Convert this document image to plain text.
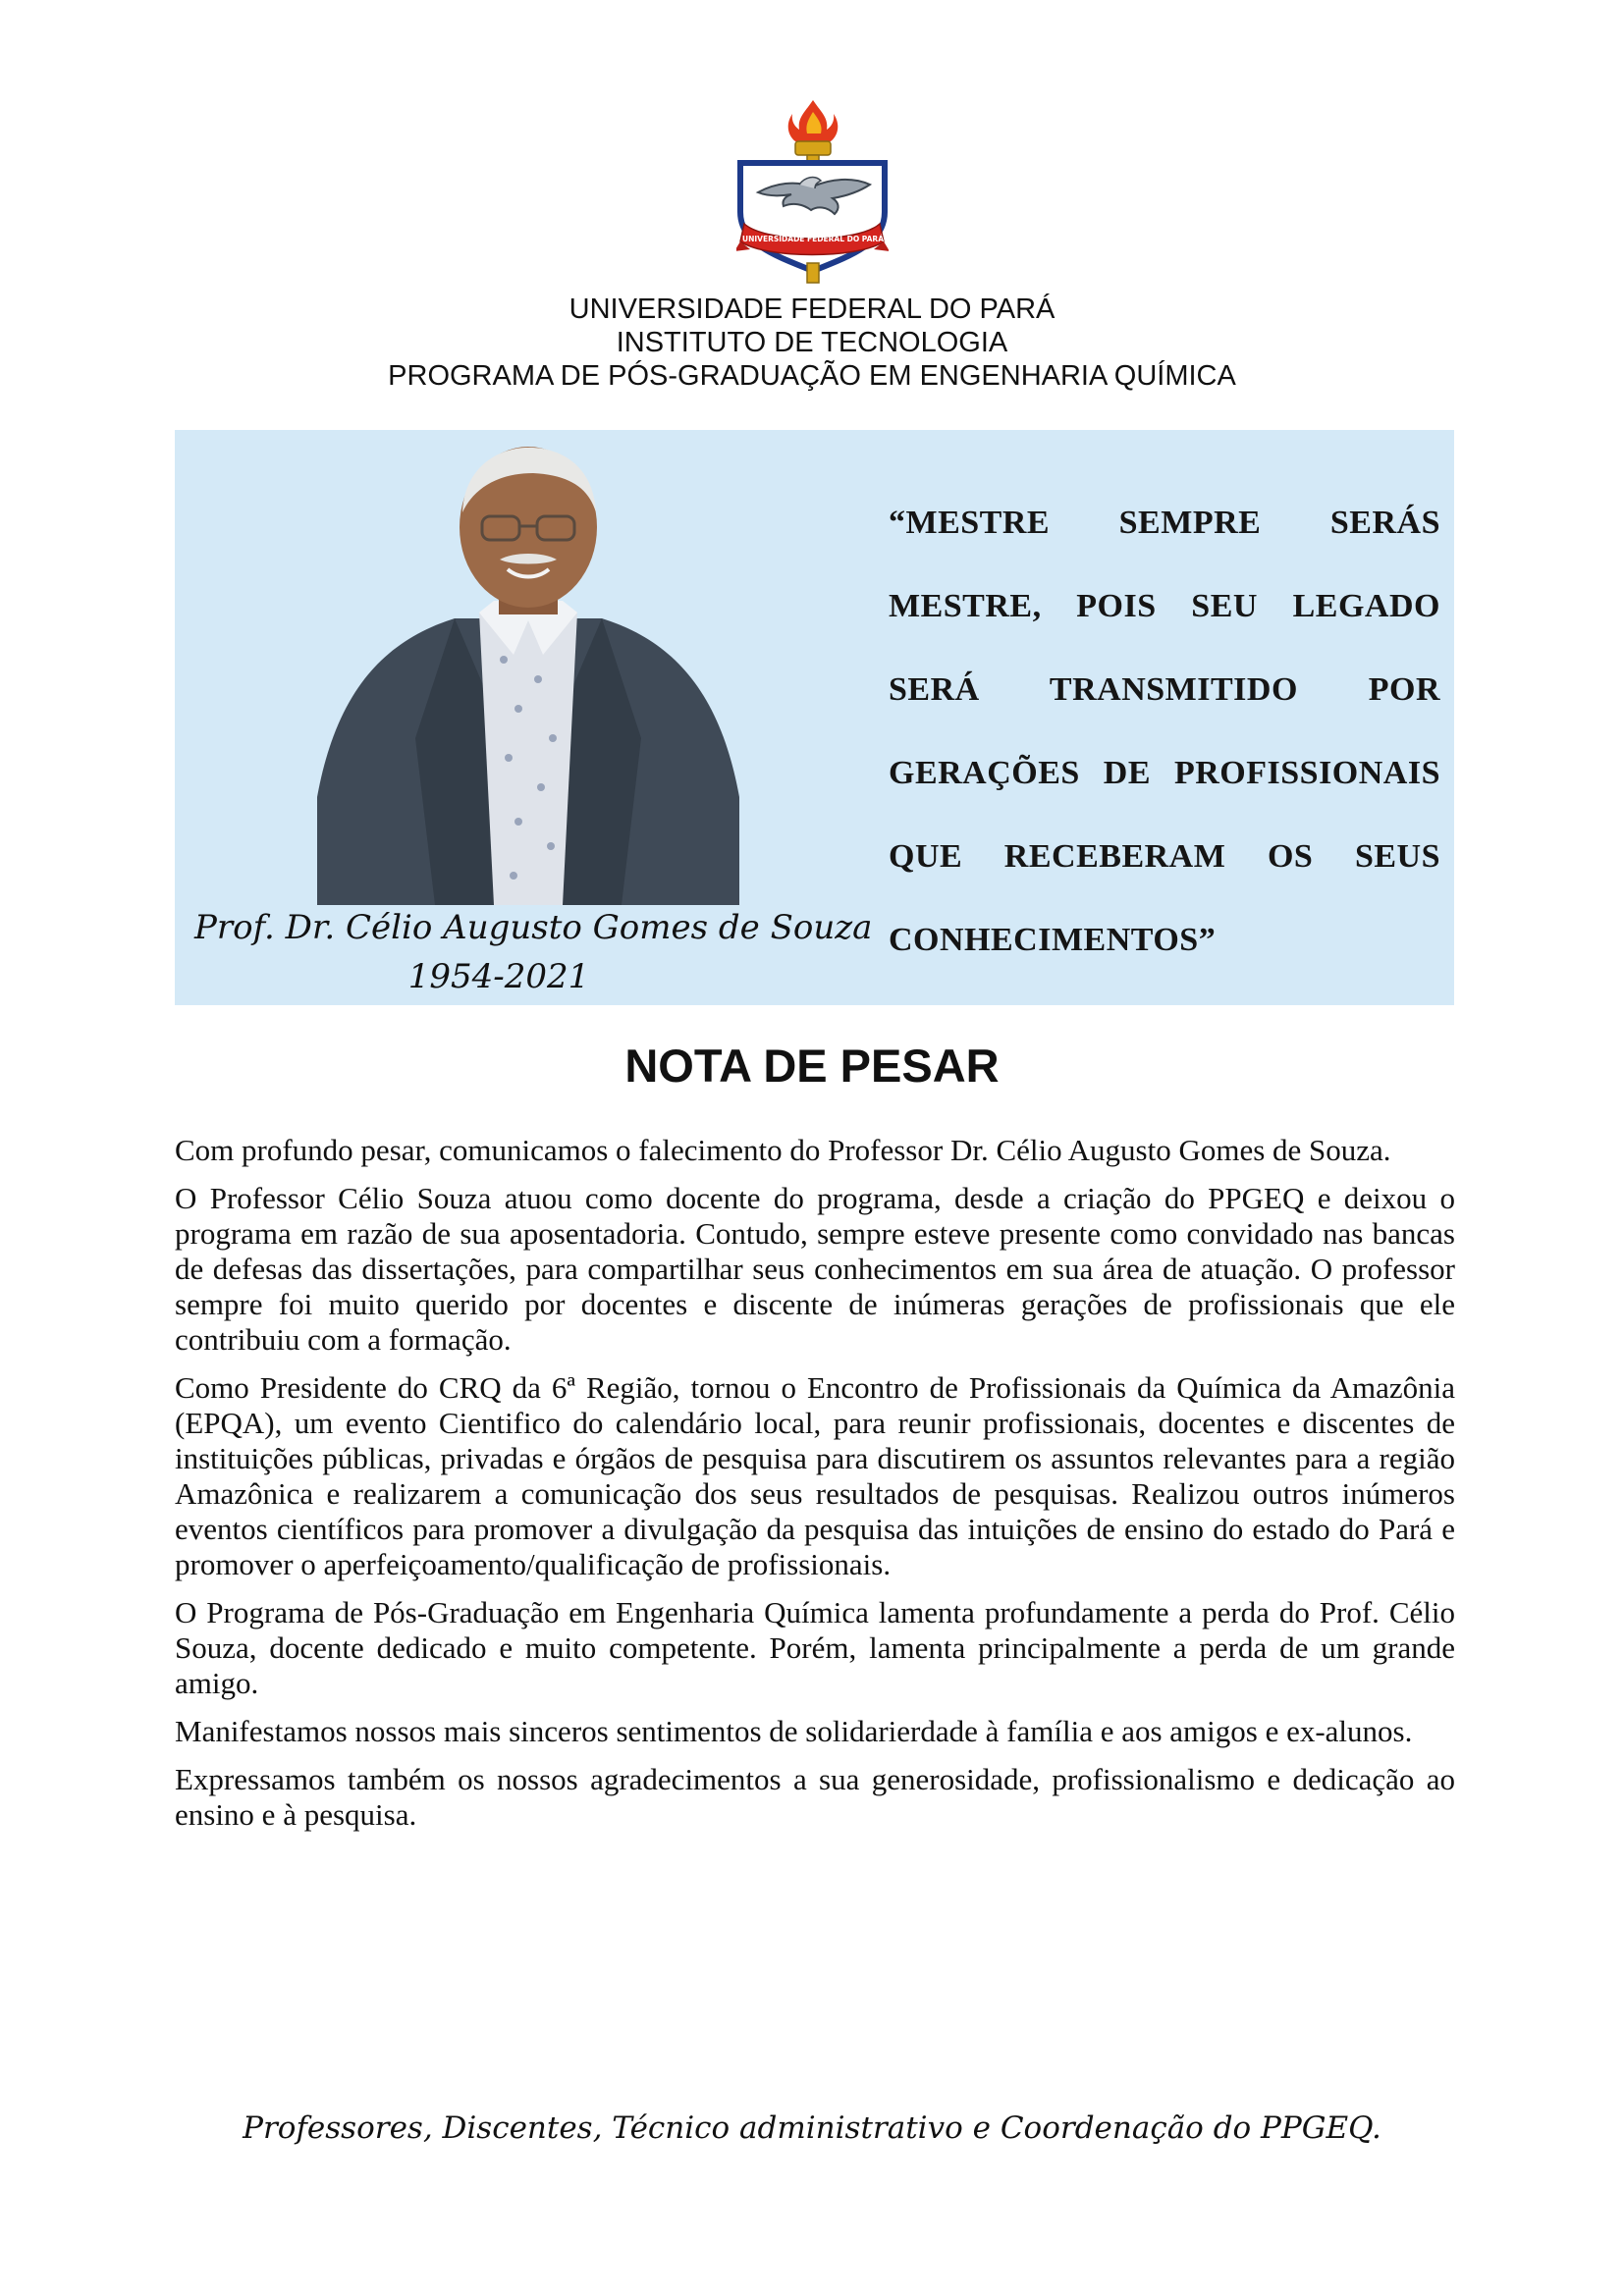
UNIVERSIDADE FEDERAL DO PARÁ
UNIVERSIDADE FEDERAL DO PARÁ
INSTITUTO DE TECNOLOGIA
PROGRAMA DE PÓS-GRADUAÇÃO EM ENGENHARIA QUÍMICA
Prof. Dr. Célio Augusto Gomes de Souza
1954-2021
“MESTRE SEMPRE SERÁS MESTRE, POIS SEU LEGADO SERÁ TRANSMITIDO POR GERAÇÕES DE PROFISSIONAIS QUE RECEBERAM OS SEUS CONHECIMENTOS”
NOTA DE PESAR

Com profundo pesar, comunicamos o falecimento do Professor Dr. Célio Augusto Gomes de Souza.

O Professor Célio Souza atuou como docente do programa, desde a criação do PPGEQ e deixou o programa em razão de sua aposentadoria. Contudo, sempre esteve presente como convidado nas bancas de defesas das dissertações, para compartilhar seus conhecimentos em sua área de atuação. O professor sempre foi muito querido por docentes e discente de inúmeras gerações de profissionais que ele contribuiu com a formação.

Como Presidente do CRQ da 6ª Região, tornou o Encontro de Profissionais da Química da Amazônia (EPQA), um evento Cientifico do calendário local, para reunir profissionais, docentes e discentes de instituições públicas, privadas e órgãos de pesquisa para discutirem os assuntos relevantes para a região Amazônica e realizarem a comunicação dos seus resultados de pesquisas. Realizou outros inúmeros eventos científicos para promover a divulgação da pesquisa das intuições de ensino do estado do Pará e promover o aperfeiçoamento/qualificação de profissionais.

O Programa de Pós-Graduação em Engenharia Química lamenta profundamente a perda do Prof. Célio Souza, docente dedicado e muito competente. Porém, lamenta principalmente a perda de um grande amigo.

Manifestamos nossos mais sinceros sentimentos de solidarierdade à família e aos amigos e ex-alunos.

Expressamos também os nossos agradecimentos a sua generosidade, profissionalismo e dedicação ao ensino e à pesquisa.

Professores, Discentes, Técnico administrativo e Coordenação do PPGEQ.
